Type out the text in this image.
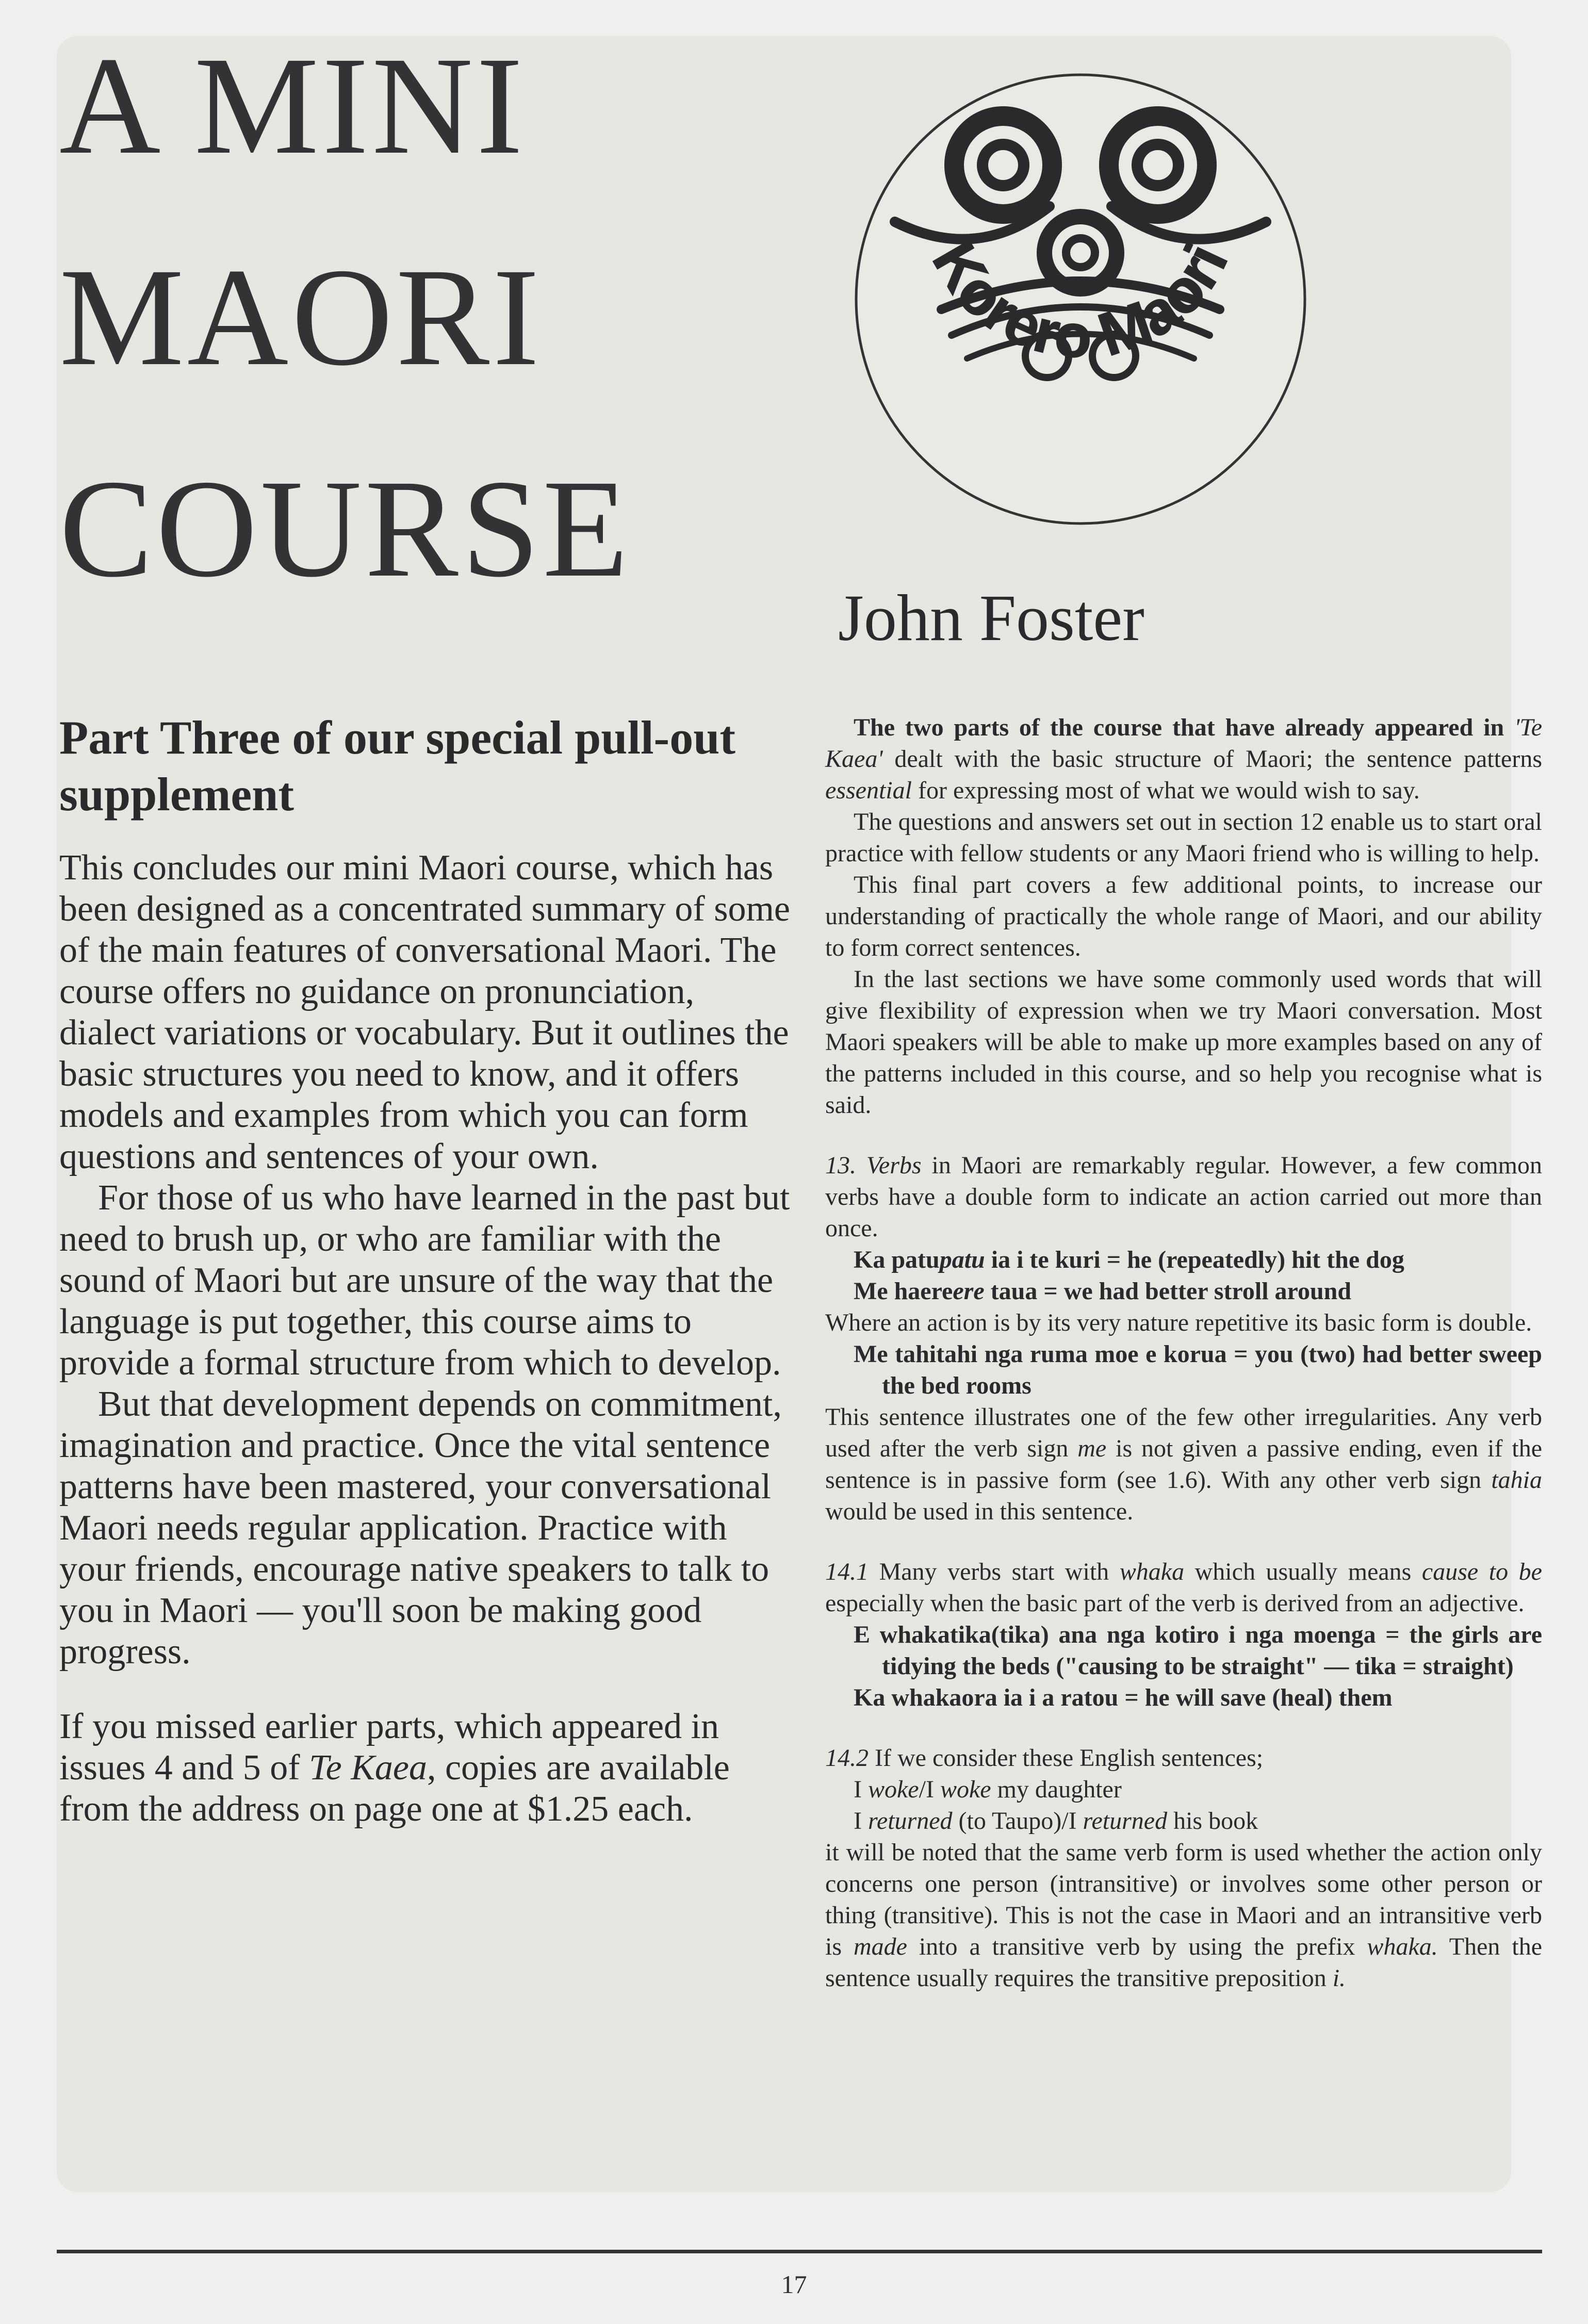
A MINI
MAORI
COURSE
Korero Maori
John Foster
Part Three of our special pull-out supplement

This concludes our mini Maori course, which has been designed as a concentrated summary of some of the main features of conversational Maori. The course offers no guidance on pronunciation, dialect variations or vocabulary. But it outlines the basic structures you need to know, and it offers models and examples from which you can form questions and sentences of your own.

For those of us who have learned in the past but need to brush up, or who are familiar with the sound of Maori but are unsure of the way that the language is put together, this course aims to provide a formal structure from which to develop.

But that development depends on commitment, imagination and practice. Once the vital sentence patterns have been mastered, your conversational Maori needs regular application. Practice with your friends, encourage native speakers to talk to you in Maori — you'll soon be making good progress.

If you missed earlier parts, which appeared in issues 4 and 5 of Te Kaea, copies are available from the address on page one at $1.25 each.

The two parts of the course that have already appeared in 'Te Kaea' dealt with the basic structure of Maori; the sentence patterns essential for expressing most of what we would wish to say.

The questions and answers set out in section 12 enable us to start oral practice with fellow students or any Maori friend who is willing to help.

This final part covers a few additional points, to increase our understanding of practically the whole range of Maori, and our ability to form correct sentences.

In the last sections we have some commonly used words that will give flexibility of expression when we try Maori conversation. Most Maori speakers will be able to make up more examples based on any of the patterns included in this course, and so help you recognise what is said.

13. Verbs in Maori are remarkably regular. However, a few common verbs have a double form to indicate an action carried out more than once.

Ka patupatu ia i te kuri = he (repeatedly) hit the dog

Me haereere taua = we had better stroll around

Where an action is by its very nature repetitive its basic form is double.

Me tahitahi nga ruma moe e korua = you (two) had better sweep the bed rooms

This sentence illustrates one of the few other irregularities. Any verb used after the verb sign me is not given a passive ending, even if the sentence is in passive form (see 1.6). With any other verb sign tahia would be used in this sentence.

14.1 Many verbs start with whaka which usually means cause to be especially when the basic part of the verb is derived from an adjective.

E whakatika(tika) ana nga kotiro i nga moenga = the girls are tidying the beds ("causing to be straight" — tika = straight)

Ka whakaora ia i a ratou = he will save (heal) them

14.2 If we consider these English sentences;

I woke/I woke my daughter

I returned (to Taupo)/I returned his book

it will be noted that the same verb form is used whether the action only concerns one person (intransitive) or involves some other person or thing (transitive). This is not the case in Maori and an intransitive verb is made into a transitive verb by using the prefix whaka. Then the sentence usually requires the transitive preposition i.

17
